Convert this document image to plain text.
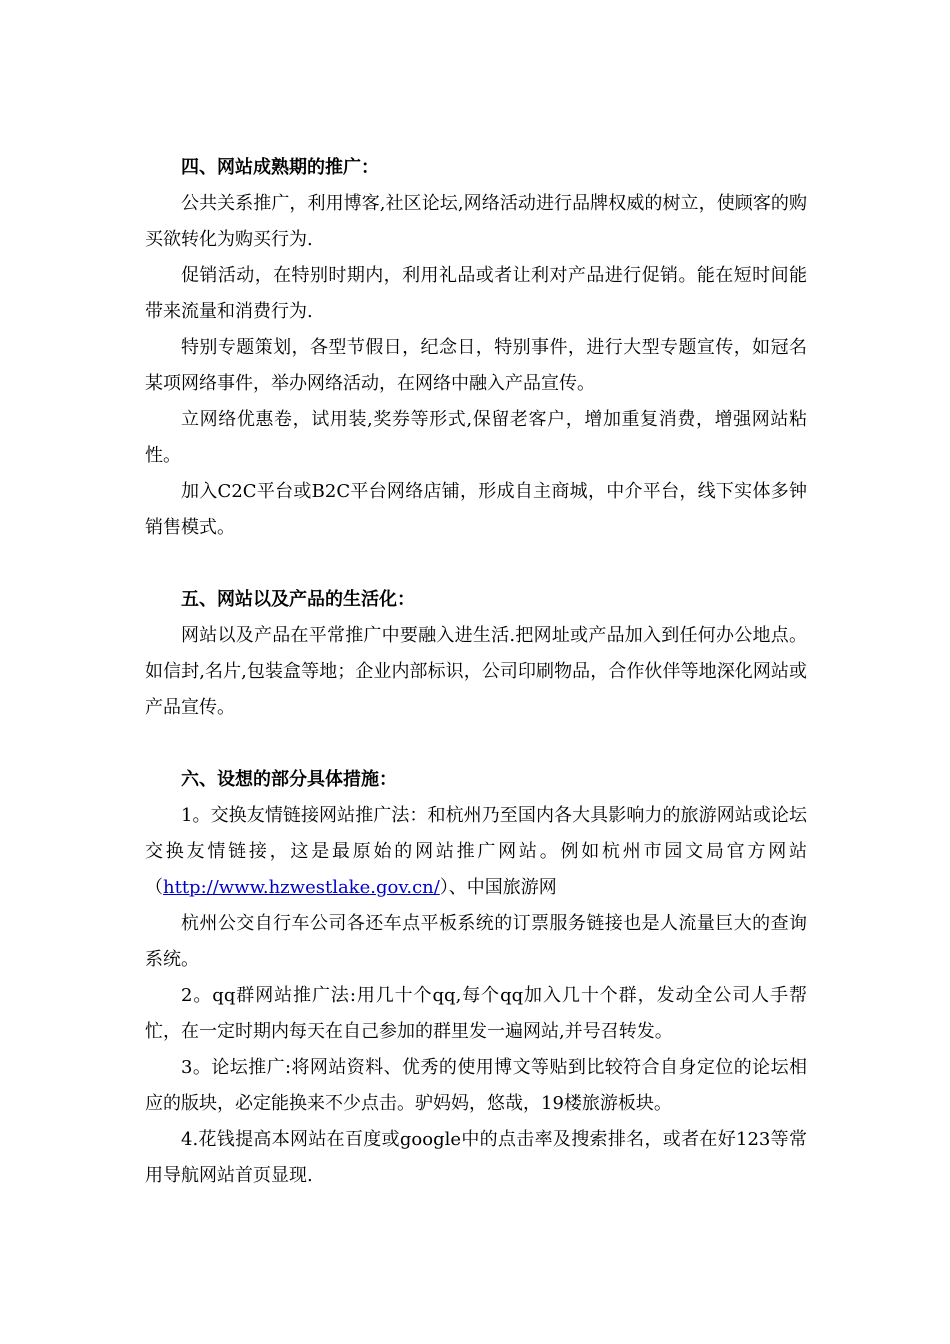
四、网站成熟期的推广：

公共关系推广，利用博客,社区论坛,网络活动进行品牌权威的树立，使顾客的购买欲转化为购买行为.

促销活动，在特别时期内，利用礼品或者让利对产品进行促销。能在短时间能带来流量和消费行为.

特别专题策划，各型节假日，纪念日，特别事件，进行大型专题宣传，如冠名某项网络事件，举办网络活动，在网络中融入产品宣传。

立网络优惠卷，试用装,奖券等形式,保留老客户，增加重复消费，增强网站粘性。

加入C2C平台或B2C平台网络店铺，形成自主商城，中介平台，线下实体多钟销售模式。

五、网站以及产品的生活化：

网站以及产品在平常推广中要融入进生活.把网址或产品加入到任何办公地点。如信封,名片,包装盒等地；企业内部标识，公司印刷物品，合作伙伴等地深化网站或产品宣传。

六、设想的部分具体措施：

1。交换友情链接网站推广法：和杭州乃至国内各大具影响力的旅游网站或论坛交换友情链接，这是最原始的网站推广网站。例如杭州市园文局官方网站（http://www.hzwestlake.gov.cn/）、中国旅游网

杭州公交自行车公司各还车点平板系统的订票服务链接也是人流量巨大的查询系统。

2。qq群网站推广法:用几十个qq,每个qq加入几十个群，发动全公司人手帮忙，在一定时期内每天在自己参加的群里发一遍网站,并号召转发。

3。论坛推广:将网站资料、优秀的使用博文等贴到比较符合自身定位的论坛相应的版块，必定能换来不少点击。驴妈妈，悠哉，19楼旅游板块。

4.花钱提高本网站在百度或google中的点击率及搜索排名，或者在好123等常用导航网站首页显现.
